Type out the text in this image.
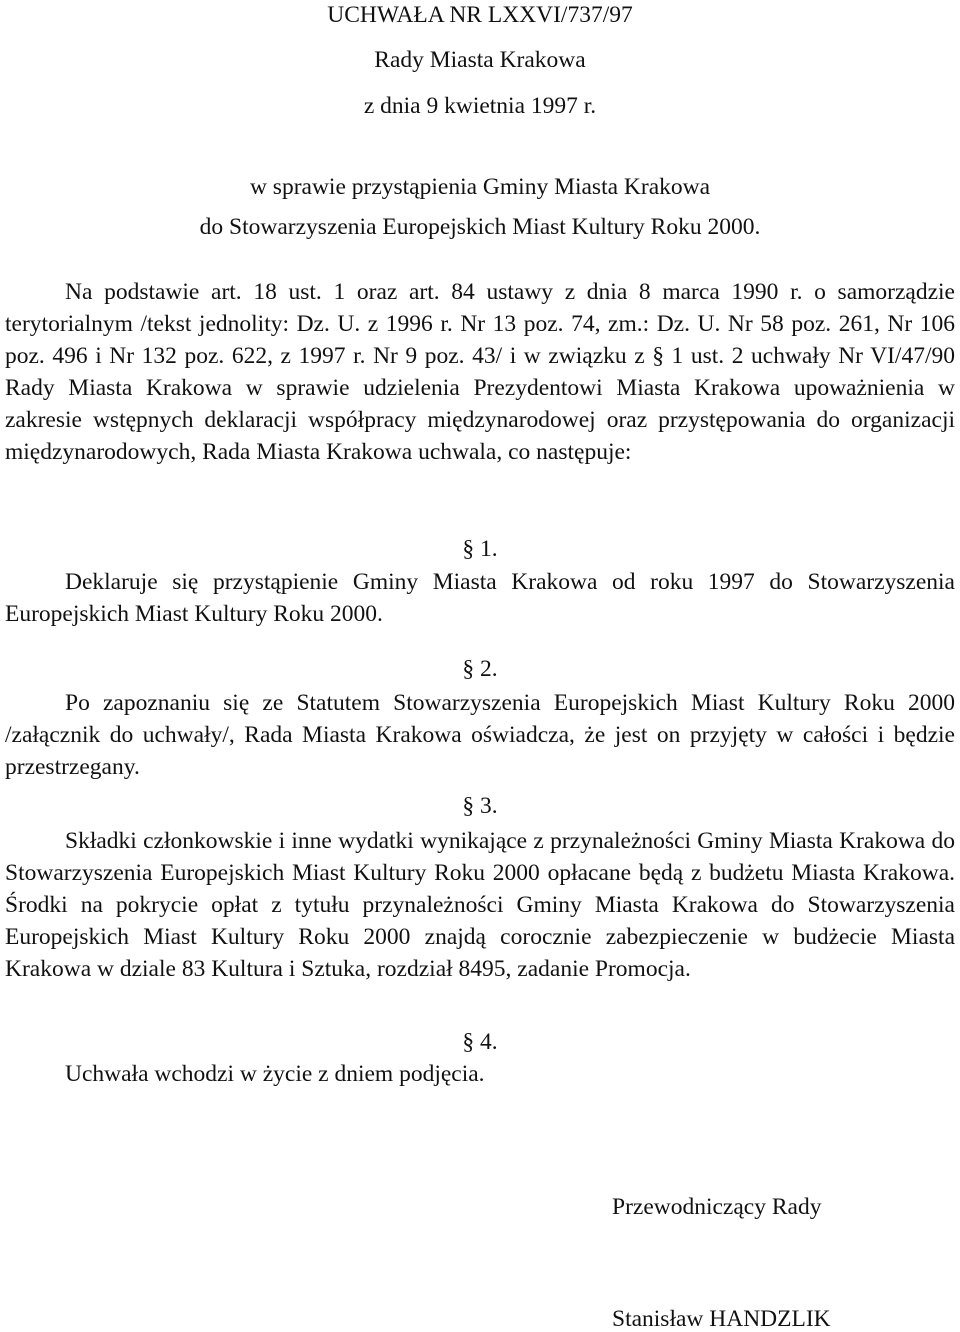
UCHWAŁA NR LXXVI/737/97
Rady Miasta Krakowa
z dnia 9 kwietnia 1997 r.
w sprawie przystąpienia Gminy Miasta Krakowa
do Stowarzyszenia Europejskich Miast Kultury Roku 2000.
Na podstawie art. 18 ust. 1 oraz art. 84 ustawy z dnia 8 marca 1990 r. o samorządzie terytorialnym /tekst jednolity: Dz. U. z 1996 r. Nr 13 poz. 74, zm.: Dz. U. Nr 58 poz. 261, Nr 106 poz. 496 i Nr 132 poz. 622, z 1997 r. Nr 9 poz. 43/ i w związku z § 1 ust. 2 uchwały Nr VI/47/90 Rady Miasta Krakowa w sprawie udzielenia Prezydentowi Miasta Krakowa upoważnienia w zakresie wstępnych deklaracji współpracy międzynarodowej oraz przystępowania do organizacji międzynarodowych, Rada Miasta Krakowa uchwala, co następuje:
§ 1.
Deklaruje się przystąpienie Gminy Miasta Krakowa od roku 1997 do Stowarzyszenia Europejskich Miast Kultury Roku 2000.
§ 2.
Po zapoznaniu się ze Statutem Stowarzyszenia Europejskich Miast Kultury Roku 2000 /załącznik do uchwały/, Rada Miasta Krakowa oświadcza, że jest on przyjęty w całości i będzie przestrzegany.
§ 3.
Składki członkowskie i inne wydatki wynikające z przynależności Gminy Miasta Krakowa do Stowarzyszenia Europejskich Miast Kultury Roku 2000 opłacane będą z budżetu Miasta Krakowa. Środki na pokrycie opłat z tytułu przynależności Gminy Miasta Krakowa do Stowarzyszenia Europejskich Miast Kultury Roku 2000 znajdą corocznie zabezpieczenie w budżecie Miasta Krakowa w dziale 83 Kultura i Sztuka, rozdział 8495, zadanie Promocja.
§ 4.
Uchwała wchodzi w życie z dniem podjęcia.
Przewodniczący Rady
Stanisław HANDZLIK
